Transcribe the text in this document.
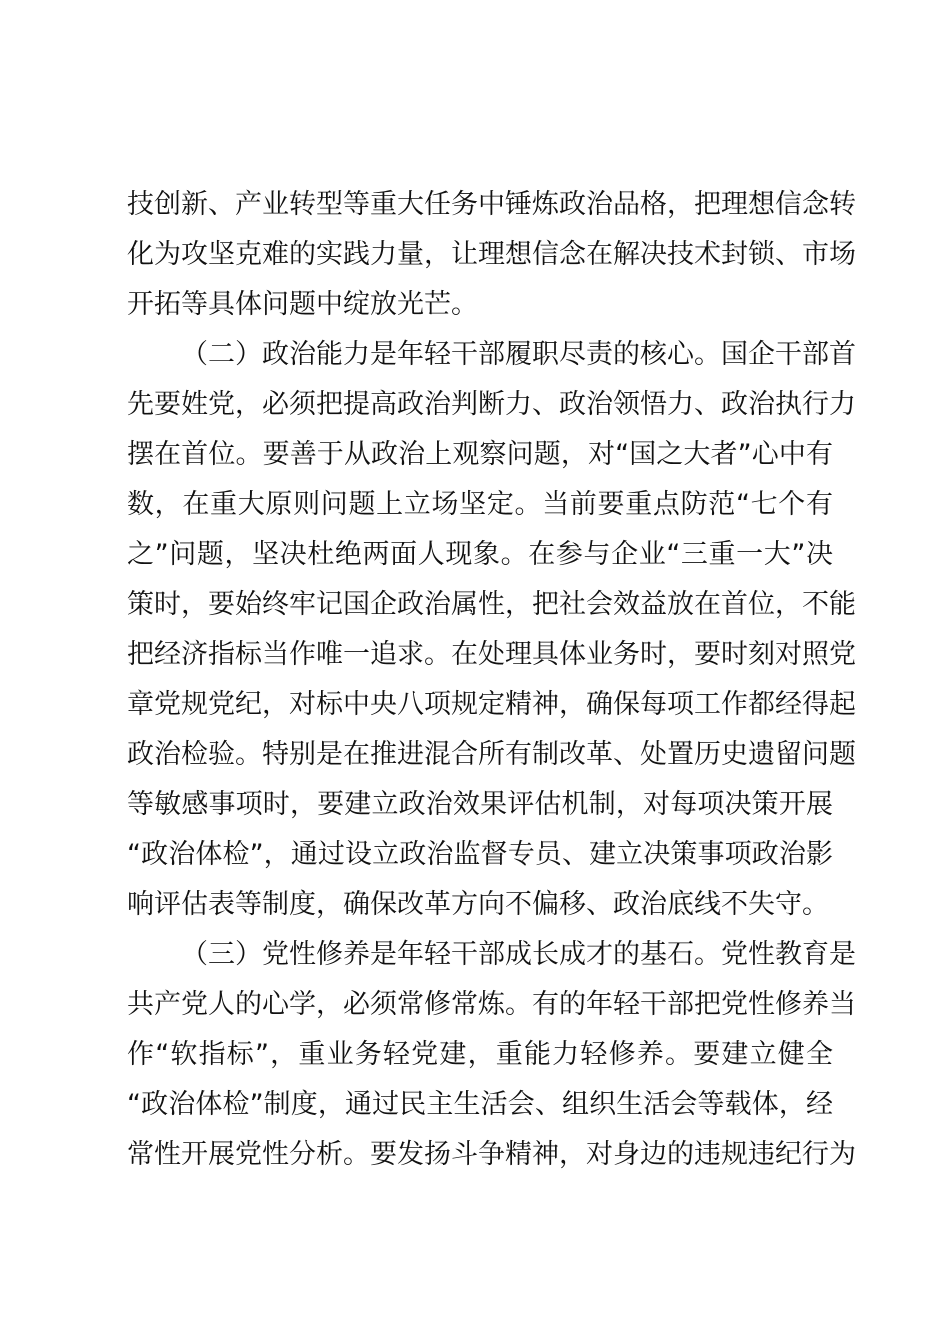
技创新、产业转型等重大任务中锤炼政治品格，把理想信念转
化为攻坚克难的实践力量，让理想信念在解决技术封锁、市场
开拓等具体问题中绽放光芒。
（二）政治能力是年轻干部履职尽责的核心。国企干部首
先要姓党，必须把提高政治判断力、政治领悟力、政治执行力
摆在首位。要善于从政治上观察问题，对“国之大者”心中有
数，在重大原则问题上立场坚定。当前要重点防范“七个有
之”问题，坚决杜绝两面人现象。在参与企业“三重一大”决
策时，要始终牢记国企政治属性，把社会效益放在首位，不能
把经济指标当作唯一追求。在处理具体业务时，要时刻对照党
章党规党纪，对标中央八项规定精神，确保每项工作都经得起
政治检验。特别是在推进混合所有制改革、处置历史遗留问题
等敏感事项时，要建立政治效果评估机制，对每项决策开展
“政治体检”，通过设立政治监督专员、建立决策事项政治影
响评估表等制度，确保改革方向不偏移、政治底线不失守。
（三）党性修养是年轻干部成长成才的基石。党性教育是
共产党人的心学，必须常修常炼。有的年轻干部把党性修养当
作“软指标”，重业务轻党建，重能力轻修养。要建立健全
“政治体检”制度，通过民主生活会、组织生活会等载体，经
常性开展党性分析。要发扬斗争精神，对身边的违规违纪行为
